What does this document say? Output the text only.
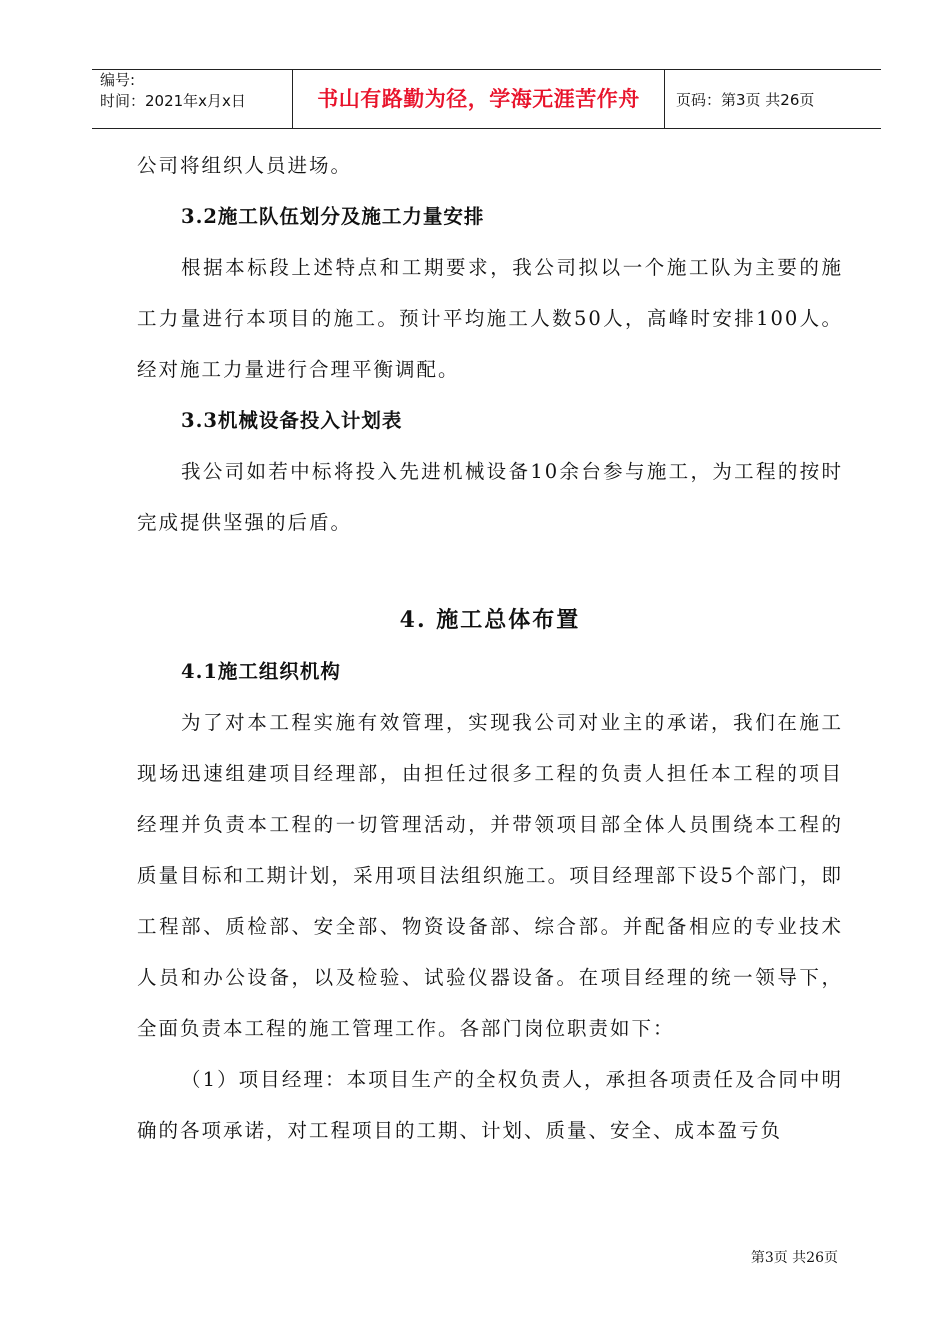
编号:
时间：2021年x月x日	书山有路勤为径，学海无涯苦作舟	页码：第3页 共26页

公司将组织人员进场。

3.2施工队伍划分及施工力量安排

根据本标段上述特点和工期要求，我公司拟以一个施工队为主要的施工力量进行本项目的施工。预计平均施工人数50人，高峰时安排100人。经对施工力量进行合理平衡调配。

3.3机械设备投入计划表

我公司如若中标将投入先进机械设备10余台参与施工，为工程的按时完成提供坚强的后盾。

4. 施工总体布置

4.1施工组织机构

为了对本工程实施有效管理，实现我公司对业主的承诺，我们在施工现场迅速组建项目经理部，由担任过很多工程的负责人担任本工程的项目经理并负责本工程的一切管理活动，并带领项目部全体人员围绕本工程的质量目标和工期计划，采用项目法组织施工。项目经理部下设5个部门，即工程部、质检部、安全部、物资设备部、综合部。并配备相应的专业技术人员和办公设备，以及检验、试验仪器设备。在项目经理的统一领导下，全面负责本工程的施工管理工作。各部门岗位职责如下：

（1）项目经理：本项目生产的全权负责人，承担各项责任及合同中明确的各项承诺，对工程项目的工期、计划、质量、安全、成本盈亏负

第3页 共26页
